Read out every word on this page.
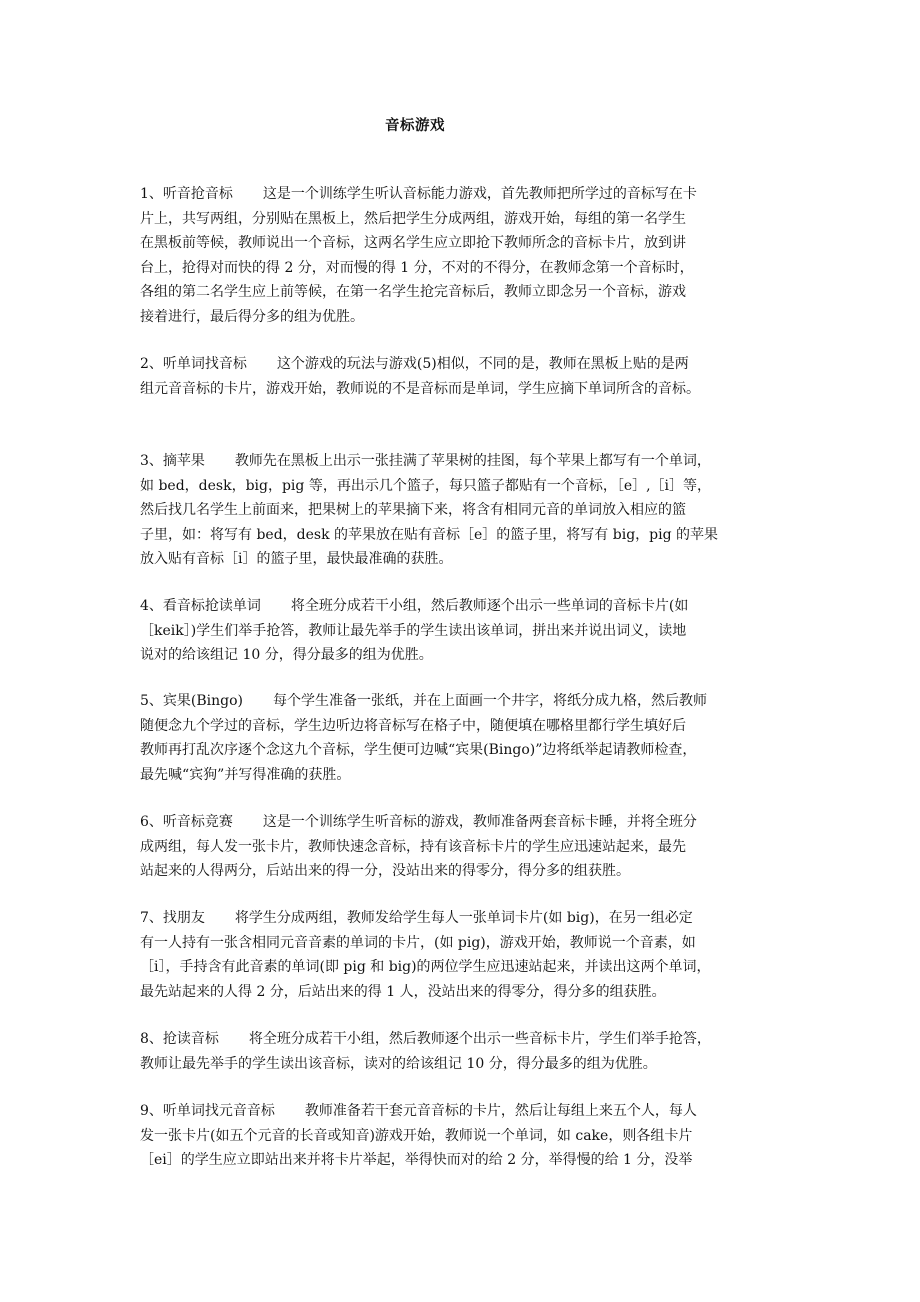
音标游戏
1、听音抢音标 这是一个训练学生听认音标能力游戏，首先教师把所学过的音标写在卡
片上，共写两组，分别贴在黑板上，然后把学生分成两组，游戏开始，每组的第一名学生
在黑板前等候，教师说出一个音标，这两名学生应立即抢下教师所念的音标卡片，放到讲
台上，抢得对而快的得 2 分，对而慢的得 1 分，不对的不得分，在教师念第一个音标时，
各组的第二名学生应上前等候，在第一名学生抢完音标后，教师立即念另一个音标，游戏
接着进行，最后得分多的组为优胜。
2、听单词找音标 这个游戏的玩法与游戏(5)相似，不同的是，教师在黑板上贴的是两
组元音音标的卡片，游戏开始，教师说的不是音标而是单词，学生应摘下单词所含的音标。
3、摘苹果 教师先在黑板上出示一张挂满了苹果树的挂图，每个苹果上都写有一个单词，
如 bed，desk，big，pig 等，再出示几个篮子，每只篮子都贴有一个音标，［e］,［i］等，
然后找几名学生上前面来，把果树上的苹果摘下来，将含有相同元音的单词放入相应的篮
子里，如：将写有 bed，desk 的苹果放在贴有音标［e］的篮子里，将写有 big，pig 的苹果
放入贴有音标［i］的篮子里，最快最准确的获胜。
4、看音标抢读单词 将全班分成若干小组，然后教师逐个出示一些单词的音标卡片(如
［keik］)学生们举手抢答，教师让最先举手的学生读出该单词，拼出来并说出词义，读地
说对的给该组记 10 分，得分最多的组为优胜。
5、宾果(Bingo) 每个学生准备一张纸，并在上面画一个井字，将纸分成九格，然后教师
随便念九个学过的音标，学生边听边将音标写在格子中，随便填在哪格里都行学生填好后
教师再打乱次序逐个念这九个音标，学生便可边喊“宾果(Bingo)”边将纸举起请教师检查，
最先喊“宾狗”并写得准确的获胜。
6、听音标竞赛 这是一个训练学生听音标的游戏，教师准备两套音标卡睡，并将全班分
成两组，每人发一张卡片，教师快速念音标，持有该音标卡片的学生应迅速站起来，最先
站起来的人得两分，后站出来的得一分，没站出来的得零分，得分多的组获胜。
7、找朋友 将学生分成两组，教师发给学生每人一张单词卡片(如 big)，在另一组必定
有一人持有一张含相同元音音素的单词的卡片，(如 pig)，游戏开始，教师说一个音素，如
［i］，手持含有此音素的单词(即 pig 和 big)的两位学生应迅速站起来，并读出这两个单词，
最先站起来的人得 2 分，后站出来的得 1 人，没站出来的得零分，得分多的组获胜。
8、抢读音标 将全班分成若干小组，然后教师逐个出示一些音标卡片，学生们举手抢答，
教师让最先举手的学生读出该音标，读对的给该组记 10 分，得分最多的组为优胜。
9、听单词找元音音标 教师准备若干套元音音标的卡片，然后让每组上来五个人，每人
发一张卡片(如五个元音的长音或知音)游戏开始，教师说一个单词，如 cake，则各组卡片
［ei］的学生应立即站出来并将卡片举起，举得快而对的给 2 分，举得慢的给 1 分，没举
